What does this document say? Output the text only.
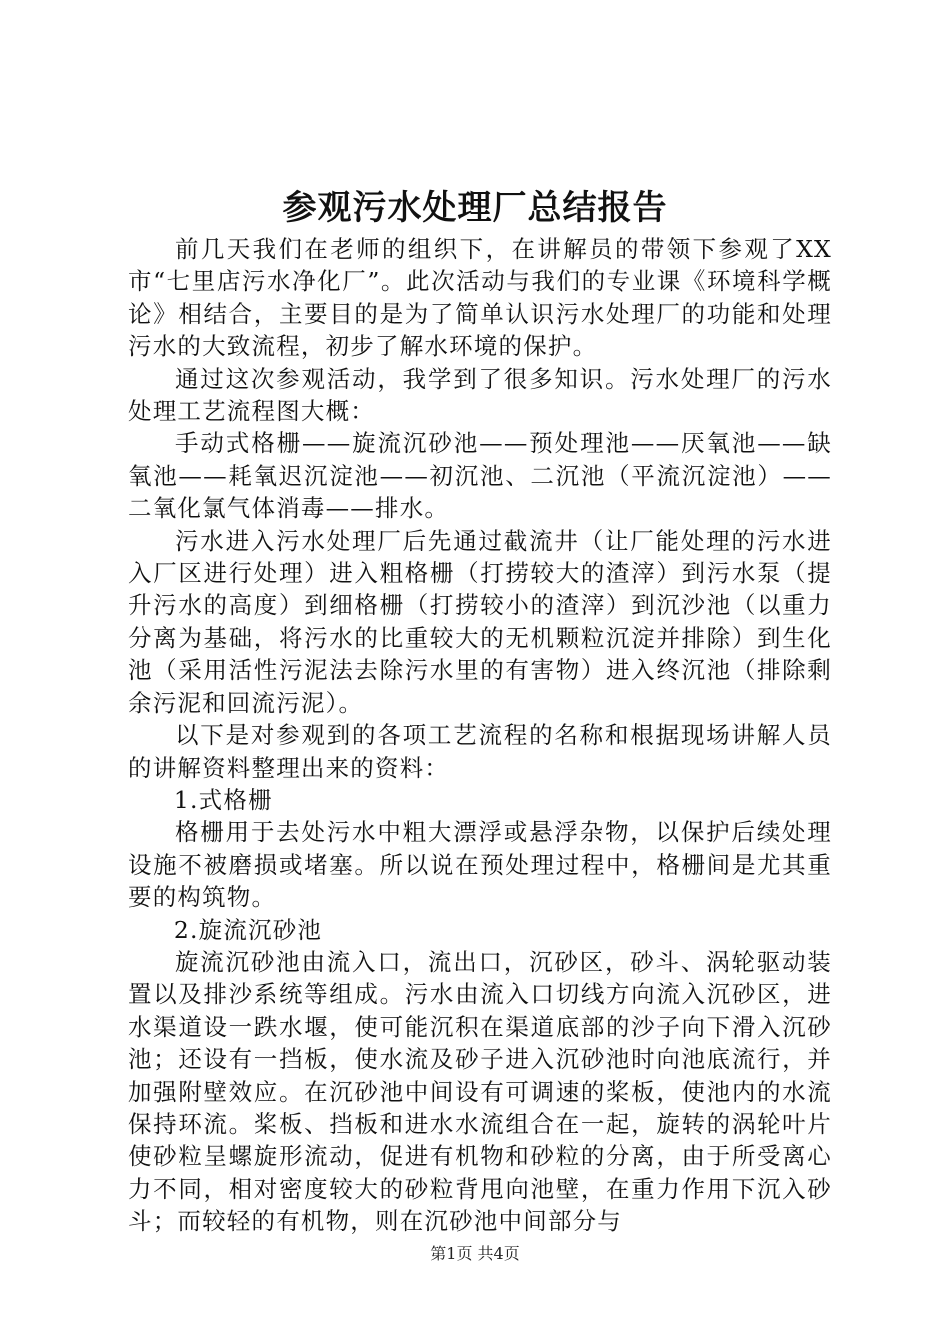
参观污水处理厂总结报告

前几天我们在老师的组织下，在讲解员的带领下参观了XX市“七里店污水净化厂”。此次活动与我们的专业课《环境科学概论》相结合，主要目的是为了简单认识污水处理厂的功能和处理污水的大致流程，初步了解水环境的保护。

通过这次参观活动，我学到了很多知识。污水处理厂的污水处理工艺流程图大概：

手动式格栅——旋流沉砂池——预处理池——厌氧池——缺氧池——耗氧迟沉淀池——初沉池、二沉池（平流沉淀池）——二氧化氯气体消毒——排水。

污水进入污水处理厂后先通过截流井（让厂能处理的污水进入厂区进行处理）进入粗格栅（打捞较大的渣滓）到污水泵（提升污水的高度）到细格栅（打捞较小的渣滓）到沉沙池（以重力分离为基础，将污水的比重较大的无机颗粒沉淀并排除）到生化池（采用活性污泥法去除污水里的有害物）进入终沉池（排除剩余污泥和回流污泥）。

以下是对参观到的各项工艺流程的名称和根据现场讲解人员的讲解资料整理出来的资料：

1.式格栅

格栅用于去处污水中粗大漂浮或悬浮杂物，以保护后续处理设施不被磨损或堵塞。所以说在预处理过程中，格栅间是尤其重要的构筑物。

2.旋流沉砂池

旋流沉砂池由流入口，流出口，沉砂区，砂斗、涡轮驱动装置以及排沙系统等组成。污水由流入口切线方向流入沉砂区，进水渠道设一跌水堰，使可能沉积在渠道底部的沙子向下滑入沉砂池；还设有一挡板，使水流及砂子进入沉砂池时向池底流行，并加强附壁效应。在沉砂池中间设有可调速的桨板，使池内的水流保持环流。桨板、挡板和进水水流组合在一起，旋转的涡轮叶片使砂粒呈螺旋形流动，促进有机物和砂粒的分离，由于所受离心力不同，相对密度较大的砂粒背甩向池壁，在重力作用下沉入砂斗；而较轻的有机物，则在沉砂池中间部分与

第1页 共4页
